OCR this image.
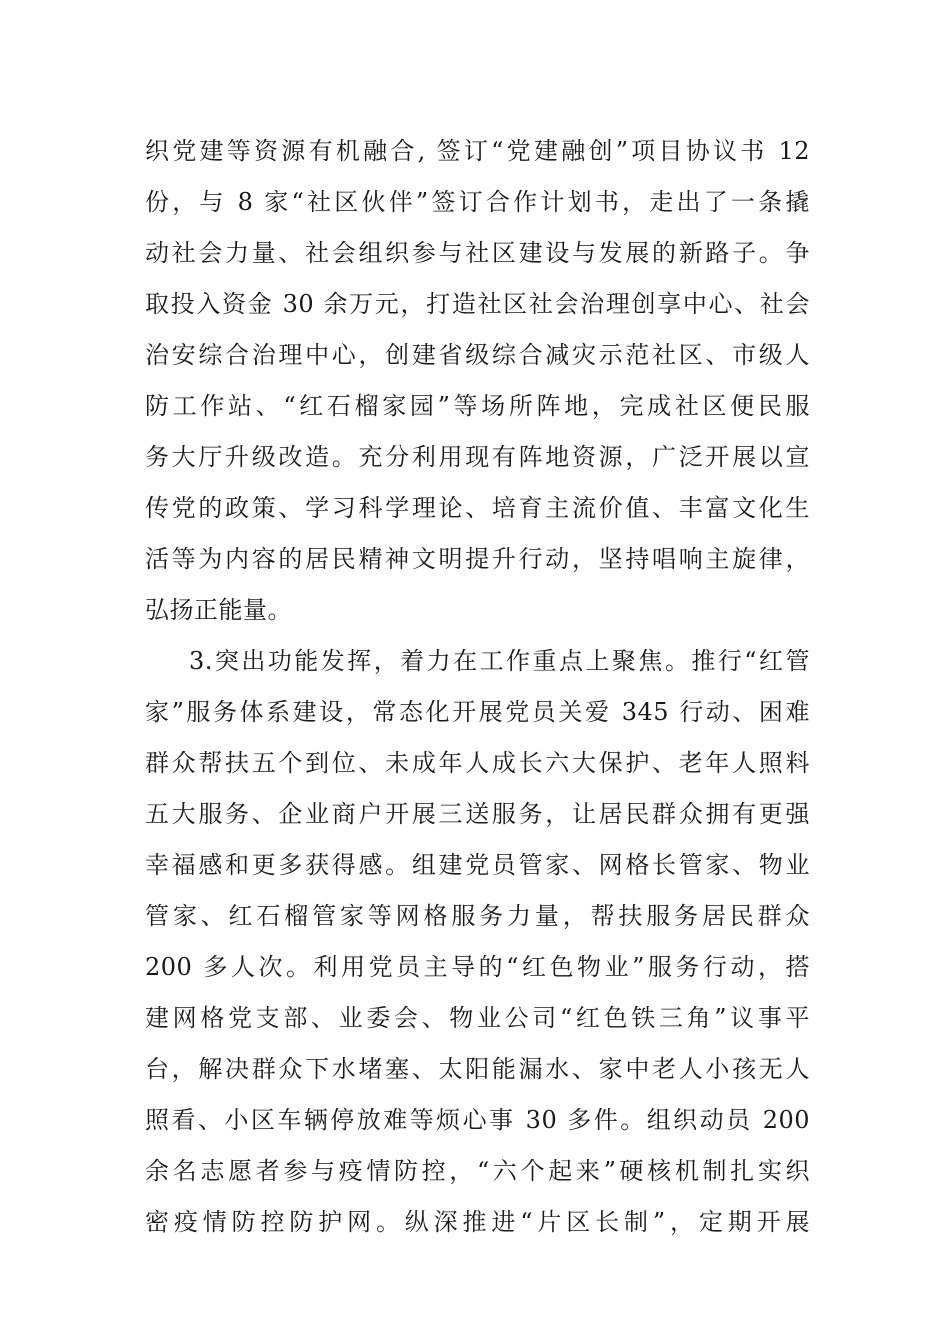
织党建等资源有机融合, 签订“党建融创”项目协议书 12
份，与 8 家“社区伙伴”签订合作计划书，走出了一条撬
动社会力量、社会组织参与社区建设与发展的新路子。争
取投入资金 30 余万元，打造社区社会治理创享中心、社会
治安综合治理中心，创建省级综合减灾示范社区、市级人
防工作站、“红石榴家园”等场所阵地，完成社区便民服
务大厅升级改造。充分利用现有阵地资源，广泛开展以宣
传党的政策、学习科学理论、培育主流价值、丰富文化生
活等为内容的居民精神文明提升行动，坚持唱响主旋律，
弘扬正能量。
3.突出功能发挥，着力在工作重点上聚焦。推行“红管
家”服务体系建设，常态化开展党员关爱 345 行动、困难
群众帮扶五个到位、未成年人成长六大保护、老年人照料
五大服务、企业商户开展三送服务，让居民群众拥有更强
幸福感和更多获得感。组建党员管家、网格长管家、物业
管家、红石榴管家等网格服务力量，帮扶服务居民群众
200 多人次。利用党员主导的“红色物业”服务行动，搭
建网格党支部、业委会、物业公司“红色铁三角”议事平
台，解决群众下水堵塞、太阳能漏水、家中老人小孩无人
照看、小区车辆停放难等烦心事 30 多件。组织动员 200
余名志愿者参与疫情防控，“六个起来”硬核机制扎实织
密疫情防控防护网。纵深推进“片区长制”，定期开展
